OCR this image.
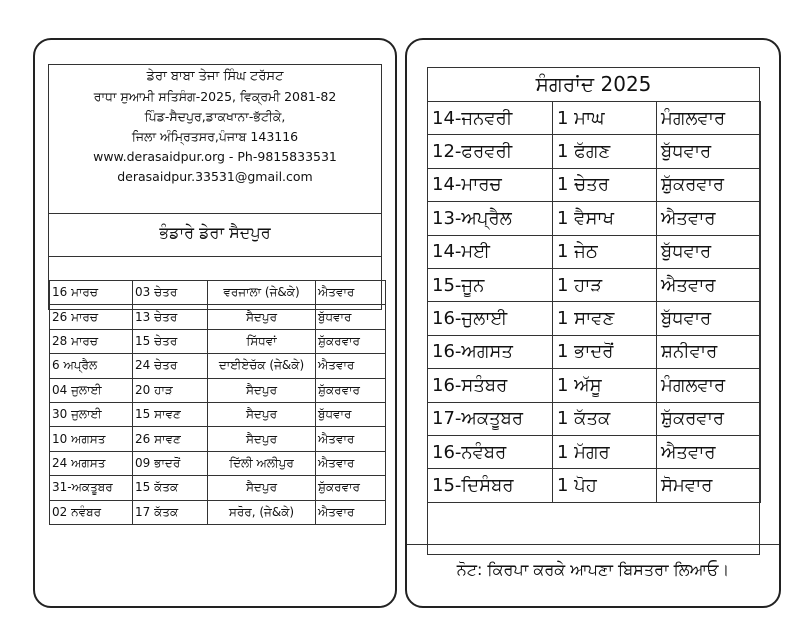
ਡੇਰਾ ਬਾਬਾ ਤੇਜਾ ਸਿੰਘ ਟਰੱਸਟ
ਰਾਧਾ ਸੁਆਮੀ ਸਤਿਸੰਗ-2025, ਵਿਕ੍ਰਮੀ 2081-82
ਪਿੰਡ-ਸੈਦਪੁਰ,ਡਾਕਖਾਨਾ-ਭੱਟੀਕੇ,
ਜਿਲਾ ਅੰਮ੍ਰਿਤਸਰ,ਪੰਜਾਬ 143116
www.derasaidpur.org - Ph-9815833531
derasaidpur.33531@gmail.com
ਭੰਡਾਰੇ ਡੇਰਾ ਸੈਦਪੁਰ
16 ਮਾਰਚ	03 ਚੇਤਰ	ਵਰਜਾਲਾ (ਜੇ&ਕੇ)	ਐਤਵਾਰ
26 ਮਾਰਚ	13 ਚੇਤਰ	ਸੈਦਪੁਰ	ਬੁੱਧਵਾਰ
28 ਮਾਰਚ	15 ਚੇਤਰ	ਸਿੱਧਵਾਂ	ਸ਼ੁੱਕਰਵਾਰ
6 ਅਪ੍ਰੈਲ	24 ਚੇਤਰ	ਦਾਈਏਚੱਕ (ਜੇ&ਕੇ)	ਐਤਵਾਰ
04 ਜੁਲਾਈ	20 ਹਾੜ	ਸੈਦਪੁਰ	ਸ਼ੁੱਕਰਵਾਰ
30 ਜੁਲਾਈ	15 ਸਾਵਣ	ਸੈਦਪੁਰ	ਬੁੱਧਵਾਰ
10 ਅਗਸਤ	26 ਸਾਵਣ	ਸੈਦਪੁਰ	ਐਤਵਾਰ
24 ਅਗਸਤ	09 ਭਾਦਰੋਂ	ਦਿੱਲੀ ਅਲੀਪੁਰ	ਐਤਵਾਰ
31-ਅਕਤੂਬਰ	15 ਕੱਤਕ	ਸੈਦਪੁਰ	ਸ਼ੁੱਕਰਵਾਰ
02 ਨਵੰਬਰ	17 ਕੱਤਕ	ਸਰੋਰ, (ਜੇ&ਕੇ)	ਐਤਵਾਰ
ਸੰਗਰਾਂਦ 2025
14-ਜਨਵਰੀ	1 ਮਾਘ	ਮੰਗਲਵਾਰ
12-ਫਰਵਰੀ	1 ਫੱਗਣ	ਬੁੱਧਵਾਰ
14-ਮਾਰਚ	1 ਚੇਤਰ	ਸ਼ੁੱਕਰਵਾਰ
13-ਅਪ੍ਰੈਲ	1 ਵੈਸਾਖ	ਐਤਵਾਰ
14-ਮਈ	1 ਜੇਠ	ਬੁੱਧਵਾਰ
15-ਜੂਨ	1 ਹਾੜ	ਐਤਵਾਰ
16-ਜੁਲਾਈ	1 ਸਾਵਣ	ਬੁੱਧਵਾਰ
16-ਅਗਸਤ	1 ਭਾਦਰੋਂ	ਸ਼ਨੀਵਾਰ
16-ਸਤੰਬਰ	1 ਅੱਸੂ	ਮੰਗਲਵਾਰ
17-ਅਕਤੂਬਰ	1 ਕੱਤਕ	ਸ਼ੁੱਕਰਵਾਰ
16-ਨਵੰਬਰ	1 ਮੱਗਰ	ਐਤਵਾਰ
15-ਦਿਸੰਬਰ	1 ਪੋਹ	ਸੋਮਵਾਰ
ਨੋਟ: ਕਿਰਪਾ ਕਰਕੇ ਆਪਣਾ ਬਿਸਤਰਾ ਲਿਆਓ।
